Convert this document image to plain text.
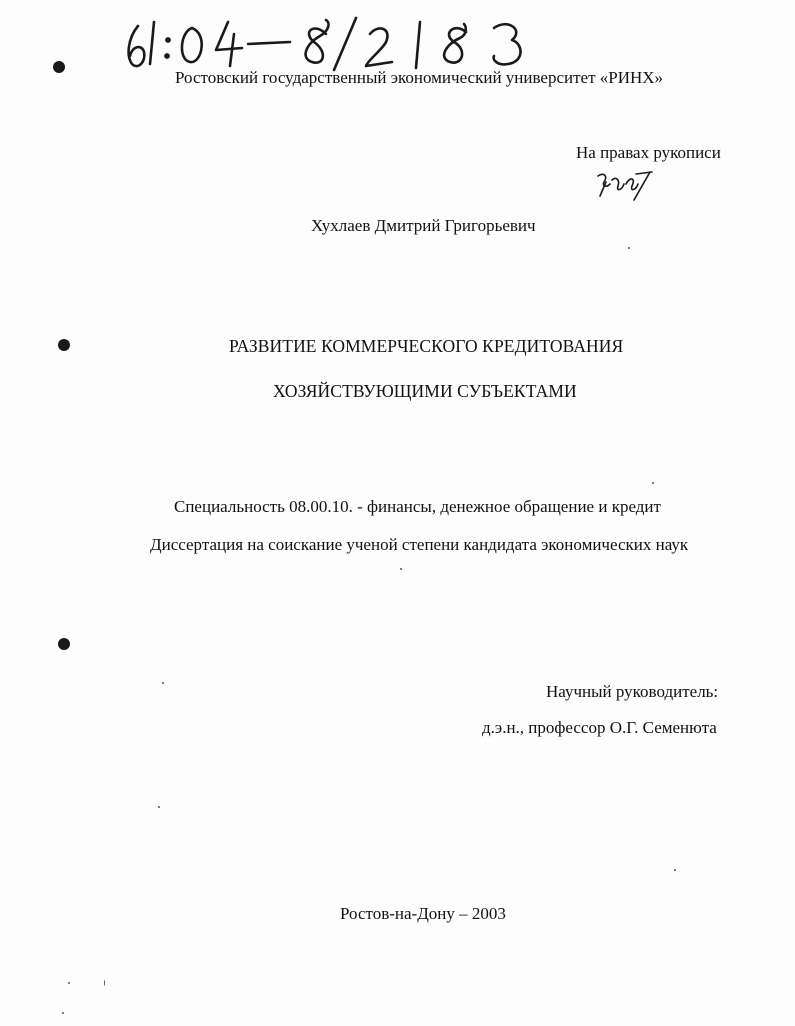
Ростовский государственный экономический университет «РИНХ»
На правах рукописи
Хухлаев Дмитрий Григорьевич
РАЗВИТИЕ КОММЕРЧЕСКОГО КРЕДИТОВАНИЯ
ХОЗЯЙСТВУЮЩИМИ СУБЪЕКТАМИ
Специальность 08.00.10. - финансы, денежное обращение и кредит
Диссертация на соискание ученой степени кандидата экономических наук
Научный руководитель:
д.э.н., профессор О.Г. Семенюта
Ростов-на-Дону – 2003
